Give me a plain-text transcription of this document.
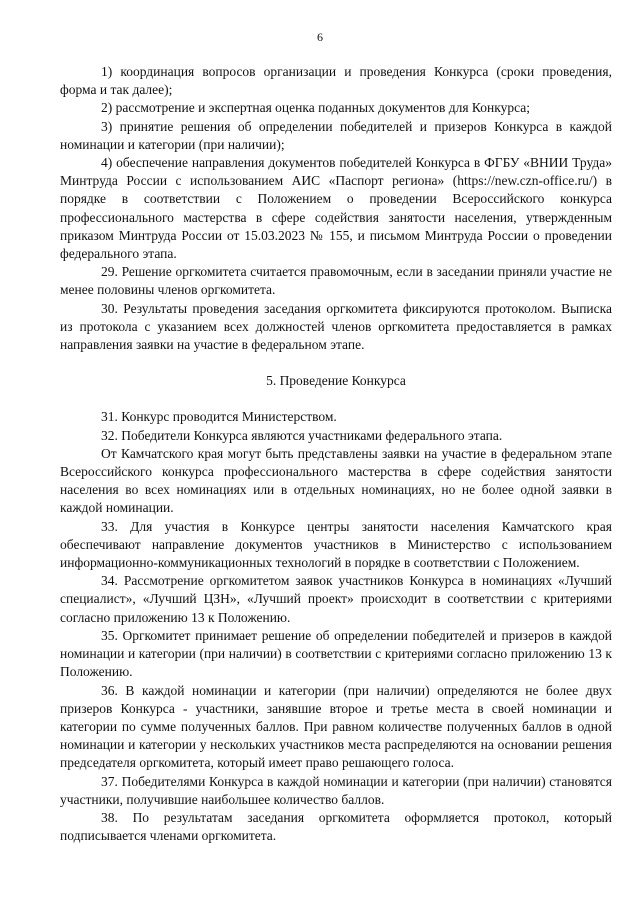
6

1) координация вопросов организации и проведения Конкурса (сроки проведения, форма и так далее);

2) рассмотрение и экспертная оценка поданных документов для Конкурса;

3) принятие решения об определении победителей и призеров Конкурса в каждой номинации и категории (при наличии);

4) обеспечение направления документов победителей Конкурса в ФГБУ «ВНИИ Труда» Минтруда России с использованием АИС «Паспорт региона» (https://new.czn-office.ru/) в порядке в соответствии с Положением о проведении Всероссийского конкурса профессионального мастерства в сфере содействия занятости населения, утвержденным приказом Минтруда России от 15.03.2023 № 155, и письмом Минтруда России о проведении федерального этапа.

29. Решение оргкомитета считается правомочным, если в заседании приняли участие не менее половины членов оргкомитета.

30. Результаты проведения заседания оргкомитета фиксируются протоколом. Выписка из протокола с указанием всех должностей членов оргкомитета предоставляется в рамках направления заявки на участие в федеральном этапе.

5. Проведение Конкурса

31. Конкурс проводится Министерством.

32. Победители Конкурса являются участниками федерального этапа.

От Камчатского края могут быть представлены заявки на участие в федеральном этапе Всероссийского конкурса профессионального мастерства в сфере содействия занятости населения во всех номинациях или в отдельных номинациях, но не более одной заявки в каждой номинации.

33. Для участия в Конкурсе центры занятости населения Камчатского края обеспечивают направление документов участников в Министерство с использованием информационно-коммуникационных технологий в порядке в соответствии с Положением.

34. Рассмотрение оргкомитетом заявок участников Конкурса в номинациях «Лучший специалист», «Лучший ЦЗН», «Лучший проект» происходит в соответствии с критериями согласно приложению 13 к Положению.

35. Оргкомитет принимает решение об определении победителей и призеров в каждой номинации и категории (при наличии) в соответствии с критериями согласно приложению 13 к Положению.

36. В каждой номинации и категории (при наличии) определяются не более двух призеров Конкурса - участники, занявшие второе и третье места в своей номинации и категории по сумме полученных баллов. При равном количестве полученных баллов в одной номинации и категории у нескольких участников места распределяются на основании решения председателя оргкомитета, который имеет право решающего голоса.

37. Победителями Конкурса в каждой номинации и категории (при наличии) становятся участники, получившие наибольшее количество баллов.

38. По результатам заседания оргкомитета оформляется протокол, который подписывается членами оргкомитета.
